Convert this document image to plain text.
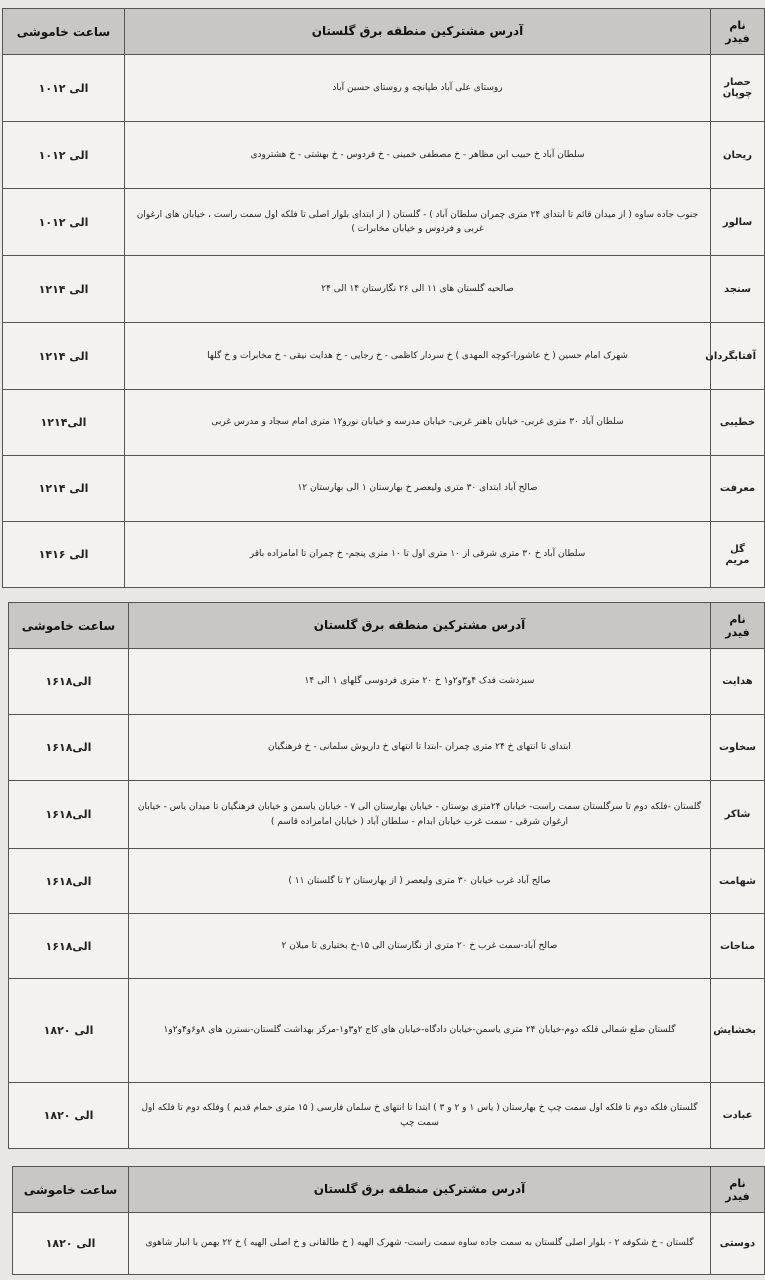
ساعت خاموشی	آدرس مشترکین منطقه برق گلستان	نام فیدر
۱۰الی ۱۲	روستای علی آباد طپانچه و روستای حسین آباد	حصار چوپان
۱۰الی ۱۲	سلطان آباد خ حبیب ابن مظاهر - خ مصطفی خمینی - خ فردوس - خ بهشتی - خ هشترودی	ریحان
۱۰الی ۱۲	جنوب جاده ساوه ( از میدان قائم تا ابتدای ۲۴ متری چمران سلطان آباد ) - گلستان ( از ابتدای بلوار اصلی تا فلکه اول سمت راست ، خیابان های ارغوان غربی و فردوس و خیابان مخابرات )	سالور
۱۲الی ۱۴	صالحیه گلستان های ۱۱ الی ۲۶ نگارستان ۱۴ الی ۲۴	سنجد
۱۲الی ۱۴	شهرک امام حسین ( خ عاشورا-کوچه المهدی ) خ سردار کاظمی - خ رجایی - خ هدایت نیقی - خ مخابرات و خ گلها	آفتابگردان
۱۲الی۱۴	سلطان آباد ۳۰ متری غربی- خیابان باهنر غربی- خیابان مدرسه و خیابان نورو۱۲ متری امام سجاد و مدرس غربی	خطیبی
۱۲الی ۱۴	صالح آباد ابتدای ۳۰ متری ولیعصر خ بهارستان ۱ الی بهارستان ۱۲	معرفت
۱۴الی ۱۶	سلطان آباد خ ۳۰ متری شرقی از ۱۰ متری اول تا ۱۰ متری پنجم- خ چمران تا امامزاده باقر	گل مریم
ساعت خاموشی	آدرس مشترکین منطقه برق گلستان	نام فیدر
۱۶الی۱۸	سبزدشت فدک ۴و۳و۲و۱ خ ۲۰ متری فردوسی گلهای ۱ الی ۱۴	هدایت
۱۶الی۱۸	ابتدای تا انتهای خ ۲۴ متری چمران -ابتدا تا انتهای خ داریوش سلمانی - خ فرهنگیان	سخاوت
۱۶الی۱۸	گلستان -فلکه دوم تا سرگلستان سمت راست- خیابان ۲۴متری بوستان - خیابان بهارستان الی ۷ - خیابان یاسمن و خیابان فرهنگیان تا میدان یاس - خیابان ارغوان شرقی - سمت غرب خیابان ابدام - سلطان آباد ( خیابان امامزاده قاسم )	شاکر
۱۶الی۱۸	صالح آباد غرب خیابان ۳۰ متری ولیعصر ( از بهارستان ۲ تا گلستان ۱۱ )	شهامت
۱۶الی۱۸	صالح آباد-سمت غرب خ ۲۰ متری از نگارستان الی ۱۵-خ بختیاری تا میلان ۲	مناجات
۱۸الی ۲۰	گلستان ضلع شمالی فلکه دوم-خیابان ۲۴ متری یاسمن-خیابان دادگاه-خیابان های کاج ۲و۳و۱-مرکز بهداشت گلستان-نسترن های ۸و۶و۴و۲و۱	بخشایش
۱۸الی ۲۰	گلستان فلکه دوم تا فلکه اول سمت چپ خ بهارستان ( یاس ۱ و ۲ و ۳ ) ابتدا تا انتهای خ سلمان فارسی ( ۱۵ متری حمام قدیم ) وفلکه دوم تا فلکه اول سمت چپ	عبادت
ساعت خاموشی	آدرس مشترکین منطقه برق گلستان	نام فیدر
۱۸الی ۲۰	گلستان - خ شکوفه ۲ - بلوار اصلی گلستان به سمت جاده ساوه سمت راست- شهرک الهیه ( خ طالقانی و خ اصلی الهیه ) خ ۲۲ بهمن با انبار شاهوی	دوستی
